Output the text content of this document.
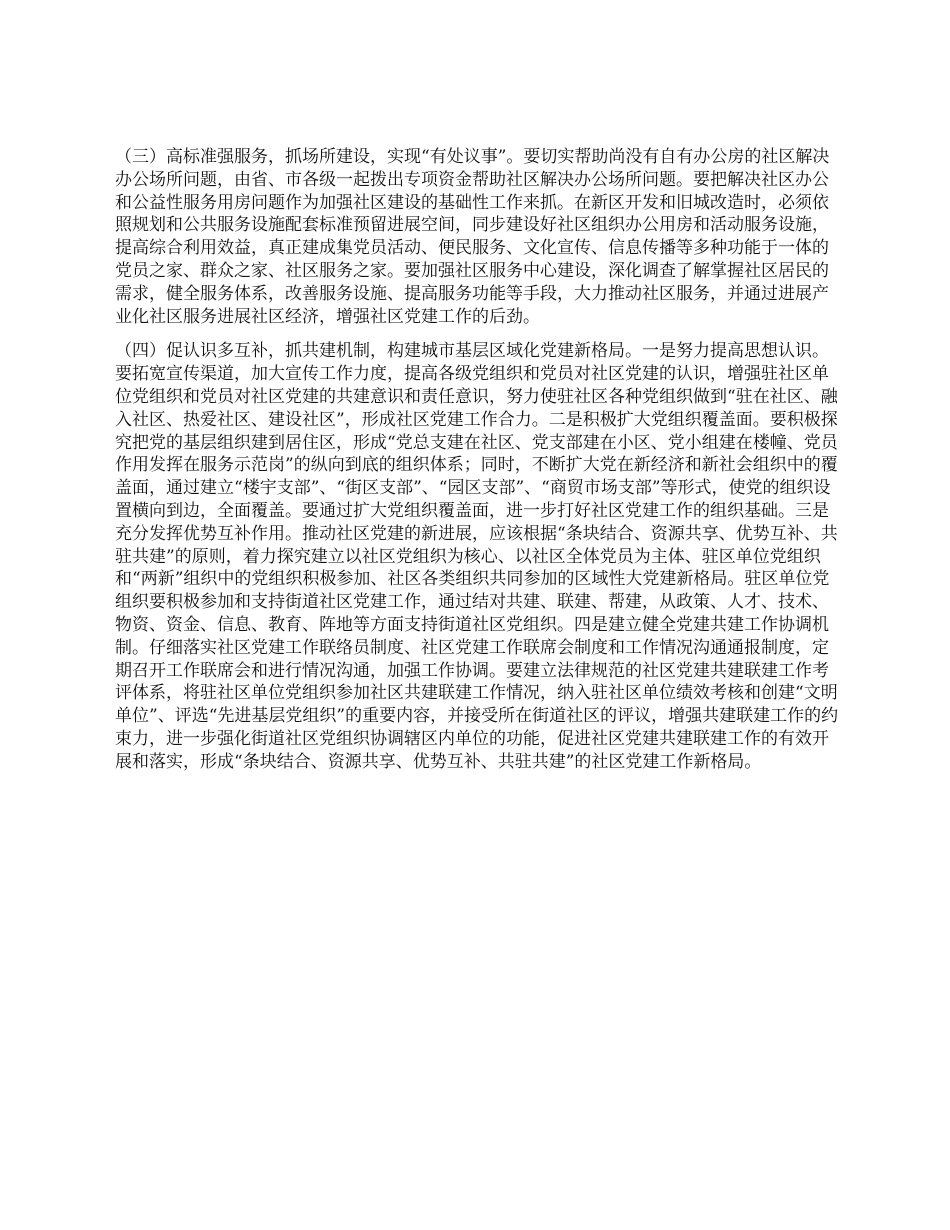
（三）高标准强服务，抓场所建设，实现“有处议事”。要切实帮助尚没有自有办公房的社区解决办公场所问题，由省、市各级一起拨出专项资金帮助社区解决办公场所问题。要把解决社区办公和公益性服务用房问题作为加强社区建设的基础性工作来抓。在新区开发和旧城改造时，必须依照规划和公共服务设施配套标准预留进展空间，同步建设好社区组织办公用房和活动服务设施，提高综合利用效益，真正建成集党员活动、便民服务、文化宣传、信息传播等多种功能于一体的党员之家、群众之家、社区服务之家。要加强社区服务中心建设，深化调查了解掌握社区居民的需求，健全服务体系，改善服务设施、提高服务功能等手段，大力推动社区服务，并通过进展产业化社区服务进展社区经济，增强社区党建工作的后劲。

（四）促认识多互补，抓共建机制，构建城市基层区域化党建新格局。一是努力提高思想认识。要拓宽宣传渠道，加大宣传工作力度，提高各级党组织和党员对社区党建的认识，增强驻社区单位党组织和党员对社区党建的共建意识和责任意识，努力使驻社区各种党组织做到“驻在社区、融入社区、热爱社区、建设社区”，形成社区党建工作合力。二是积极扩大党组织覆盖面。要积极探究把党的基层组织建到居住区，形成“党总支建在社区、党支部建在小区、党小组建在楼幢、党员作用发挥在服务示范岗”的纵向到底的组织体系；同时，不断扩大党在新经济和新社会组织中的覆盖面，通过建立“楼宇支部”、“街区支部”、“园区支部”、“商贸市场支部”等形式，使党的组织设置横向到边，全面覆盖。要通过扩大党组织覆盖面，进一步打好社区党建工作的组织基础。三是充分发挥优势互补作用。推动社区党建的新进展，应该根据“条块结合、资源共享、优势互补、共驻共建”的原则，着力探究建立以社区党组织为核心、以社区全体党员为主体、驻区单位党组织和“两新”组织中的党组织积极参加、社区各类组织共同参加的区域性大党建新格局。驻区单位党组织要积极参加和支持街道社区党建工作，通过结对共建、联建、帮建，从政策、人才、技术、物资、资金、信息、教育、阵地等方面支持街道社区党组织。四是建立健全党建共建工作协调机制。仔细落实社区党建工作联络员制度、社区党建工作联席会制度和工作情况沟通通报制度，定期召开工作联席会和进行情况沟通，加强工作协调。要建立法律规范的社区党建共建联建工作考评体系，将驻社区单位党组织参加社区共建联建工作情况，纳入驻社区单位绩效考核和创建“文明单位”、评选“先进基层党组织”的重要内容，并接受所在街道社区的评议，增强共建联建工作的约束力，进一步强化街道社区党组织协调辖区内单位的功能，促进社区党建共建联建工作的有效开展和落实，形成“条块结合、资源共享、优势互补、共驻共建”的社区党建工作新格局。
